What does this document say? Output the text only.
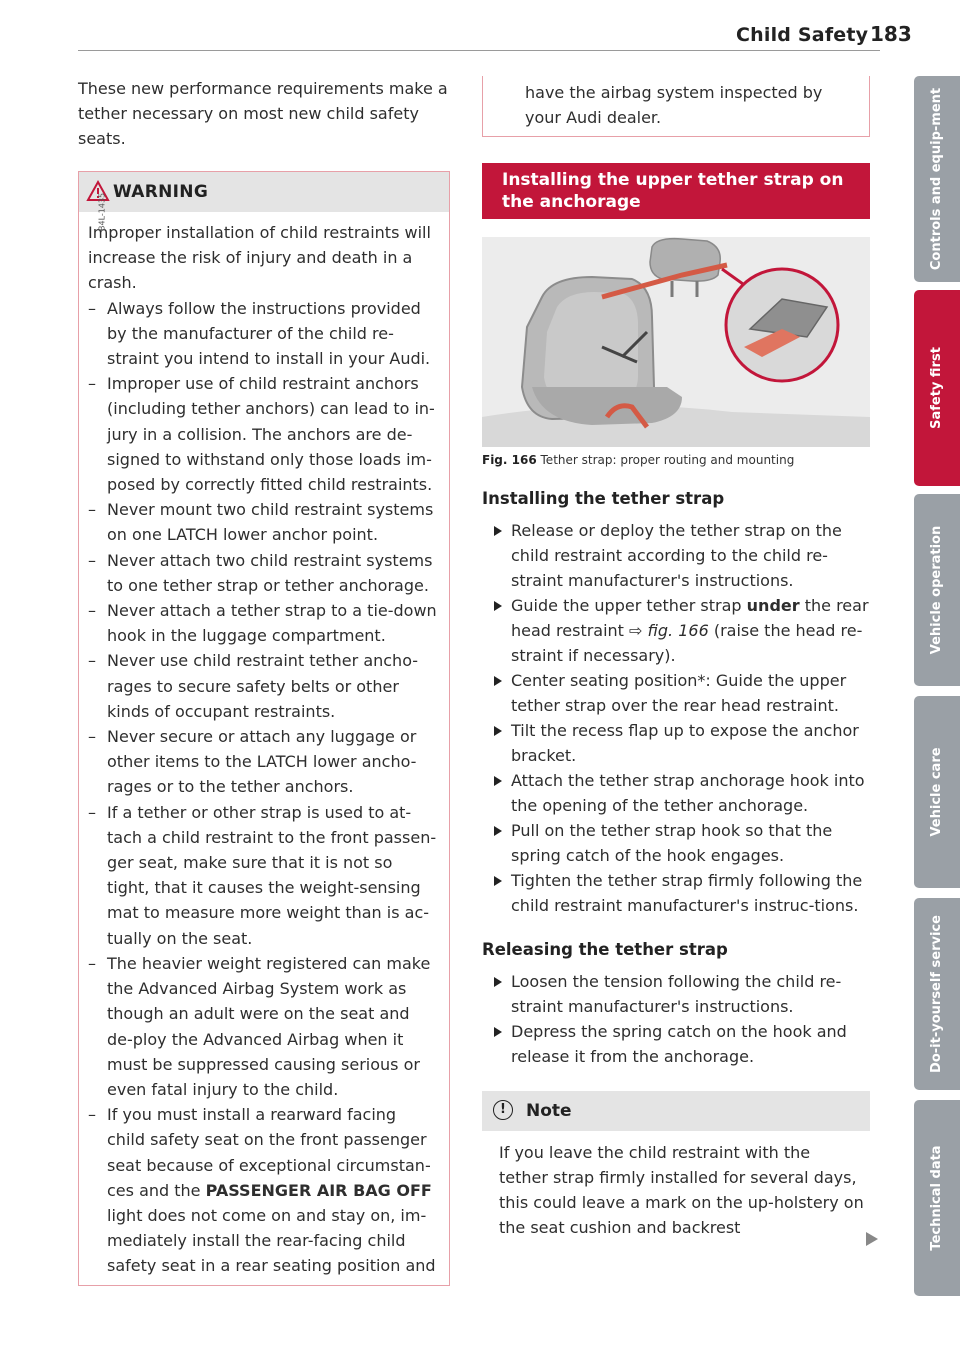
Child Safety 183

These new performance requirements make a tether necessary on most new child safety seats.

WARNING

Improper installation of child restraints will increase the risk of injury and death in a crash.

– Always follow the instructions provided by the manufacturer of the child re-straint you intend to install in your Audi.
– Improper use of child restraint anchors (including tether anchors) can lead to in-jury in a collision. The anchors are de-signed to withstand only those loads im-posed by correctly fitted child restraints.
– Never mount two child restraint systems on one LATCH lower anchor point.
– Never attach two child restraint systems to one tether strap or tether anchorage.
– Never attach a tether strap to a tie-down hook in the luggage compartment.
– Never use child restraint tether ancho-rages to secure safety belts or other kinds of occupant restraints.
– Never secure or attach any luggage or other items to the LATCH lower ancho-rages or to the tether anchors.
– If a tether or other strap is used to at-tach a child restraint to the front passen-ger seat, make sure that it is not so tight, that it causes the weight-sensing mat to measure more weight than is ac-tually on the seat.
– The heavier weight registered can make the Advanced Airbag System work as though an adult were on the seat and de-ploy the Advanced Airbag when it must be suppressed causing serious or even fatal injury to the child.
– If you must install a rearward facing child safety seat on the front passenger seat because of exceptional circumstan-ces and the PASSENGER AIR BAG OFF light does not come on and stay on, im-mediately install the rear-facing child safety seat in a rear seating position and
have the airbag system inspected by your Audi dealer.
Installing the upper tether strap on the anchorage
B4L-1435
Fig. 166 Tether strap: proper routing and mounting
Installing the tether strap
Release or deploy the tether strap on the child restraint according to the child re-straint manufacturer's instructions.
Guide the upper tether strap under the rear head restraint ⇨ fig. 166 (raise the head re-straint if necessary).
Center seating position*: Guide the upper tether strap over the rear head restraint.
Tilt the recess flap up to expose the anchor bracket.
Attach the tether strap anchorage hook into the opening of the tether anchorage.
Pull on the tether strap hook so that the spring catch of the hook engages.
Tighten the tether strap firmly following the child restraint manufacturer's instruc-tions.
Releasing the tether strap
Loosen the tension following the child re-straint manufacturer's instructions.
Depress the spring catch on the hook and release it from the anchorage.
!	Note
If you leave the child restraint with the tether strap firmly installed for several days, this could leave a mark on the up-holstery on the seat cushion and backrest
Controls and equip-ment
Safety first
Vehicle operation
Vehicle care
Do-it-yourself service
Technical data
